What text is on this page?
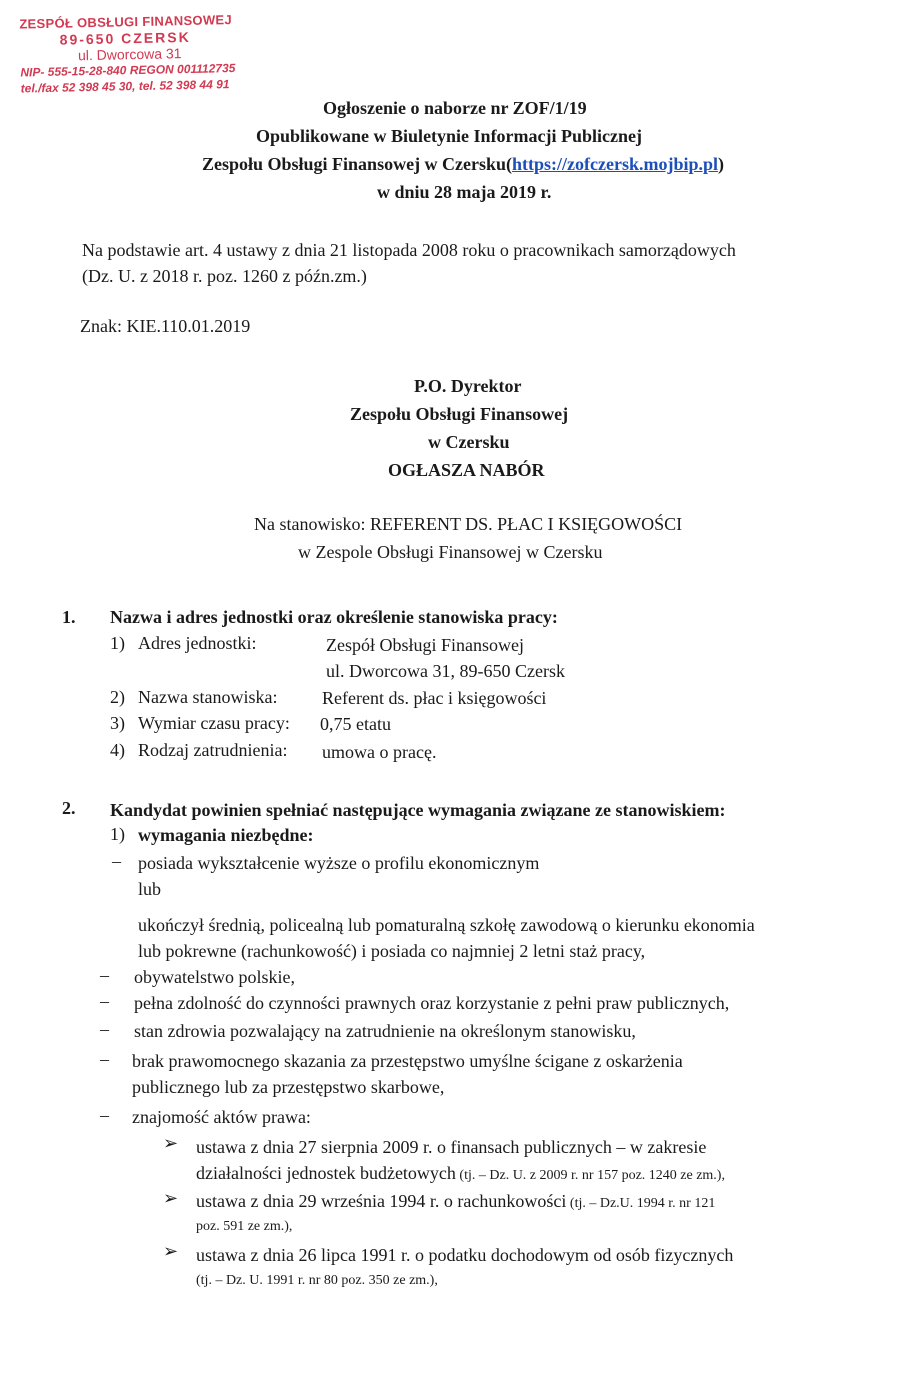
ZESPÓŁ OBSŁUGI FINANSOWEJ
89-650 CZERSK
ul. Dworcowa 31
NIP- 555-15-28-840 REGON 001112735
tel./fax 52 398 45 30, tel. 52 398 44 91
Ogłoszenie o naborze nr ZOF/1/19
Opublikowane w Biuletynie Informacji Publicznej
Zespołu Obsługi Finansowej w Czersku(https://zofczersk.mojbip.pl)
w dniu 28 maja 2019 r.
Na podstawie art. 4 ustawy z dnia 21 listopada 2008 roku o pracownikach samorządowych
(Dz. U. z 2018 r. poz. 1260 z późn.zm.)
Znak: KIE.110.01.2019
P.O. Dyrektor
Zespołu Obsługi Finansowej
w Czersku
OGŁASZA NABÓR
Na stanowisko: REFERENT DS. PŁAC I KSIĘGOWOŚCI
w Zespole Obsługi Finansowej w Czersku
1. Nazwa i adres jednostki oraz określenie stanowiska pracy:
1) Adres jednostki:	Zespół Obsługi Finansowej
ul. Dworcowa 31, 89-650 Czersk
2) Nazwa stanowiska: Referent ds. płac i księgowości
3) Wymiar czasu pracy: 0,75 etatu
4) Rodzaj zatrudnienia: umowa o pracę.
2. Kandydat powinien spełniać następujące wymagania związane ze stanowiskiem:
1) wymagania niezbędne:
– posiada wykształcenie wyższe o profilu ekonomicznym
lub
ukończył średnią, policealną lub pomaturalną szkołę zawodową o kierunku ekonomia
lub pokrewne (rachunkowość) i posiada co najmniej 2 letni staż pracy,
– obywatelstwo polskie,
– pełna zdolność do czynności prawnych oraz korzystanie z pełni praw publicznych,
– stan zdrowia pozwalający na zatrudnienie na określonym stanowisku,
– brak prawomocnego skazania za przestępstwo umyślne ścigane z oskarżenia
publicznego lub za przestępstwo skarbowe,
– znajomość aktów prawa:
➢ ustawa z dnia 27 sierpnia 2009 r. o finansach publicznych – w zakresie
działalności jednostek budżetowych (tj. – Dz. U. z 2009 r. nr 157 poz. 1240 ze zm.),
➢ ustawa z dnia 29 września 1994 r. o rachunkowości (tj. – Dz.U. 1994 r. nr 121
poz. 591 ze zm.),
➢ ustawa z dnia 26 lipca 1991 r. o podatku dochodowym od osób fizycznych
(tj. – Dz. U. 1991 r. nr 80 poz. 350 ze zm.),
